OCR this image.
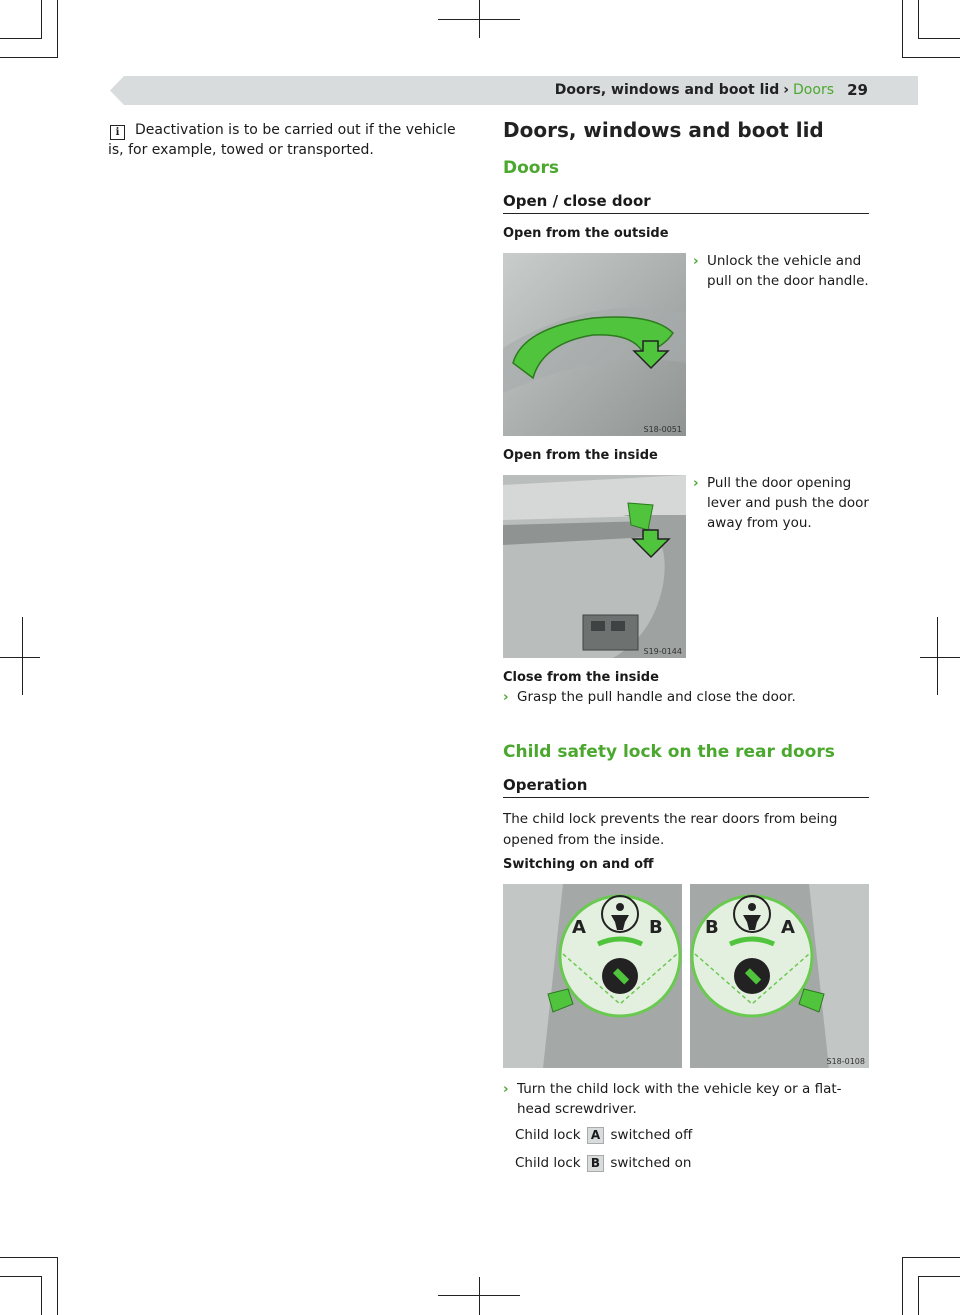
Doors, windows and boot lid › Doors 29
i Deactivation is to be carried out if the vehicle is, for example, towed or transported.
Doors, windows and boot lid
Doors
Open / close door
Open from the outside
S18-0051
› Unlock the vehicle and pull on the door handle.
Open from the inside
S19-0144
› Pull the door opening lever and push the door away from you.
Close from the inside
› Grasp the pull handle and close the door.
Child safety lock on the rear doors
Operation
The child lock prevents the rear doors from being opened from the inside.
Switching on and off
A	B B	A
S18-0108
› Turn the child lock with the vehicle key or a flat-head screwdriver.
Child lock A switched off
Child lock B switched on
